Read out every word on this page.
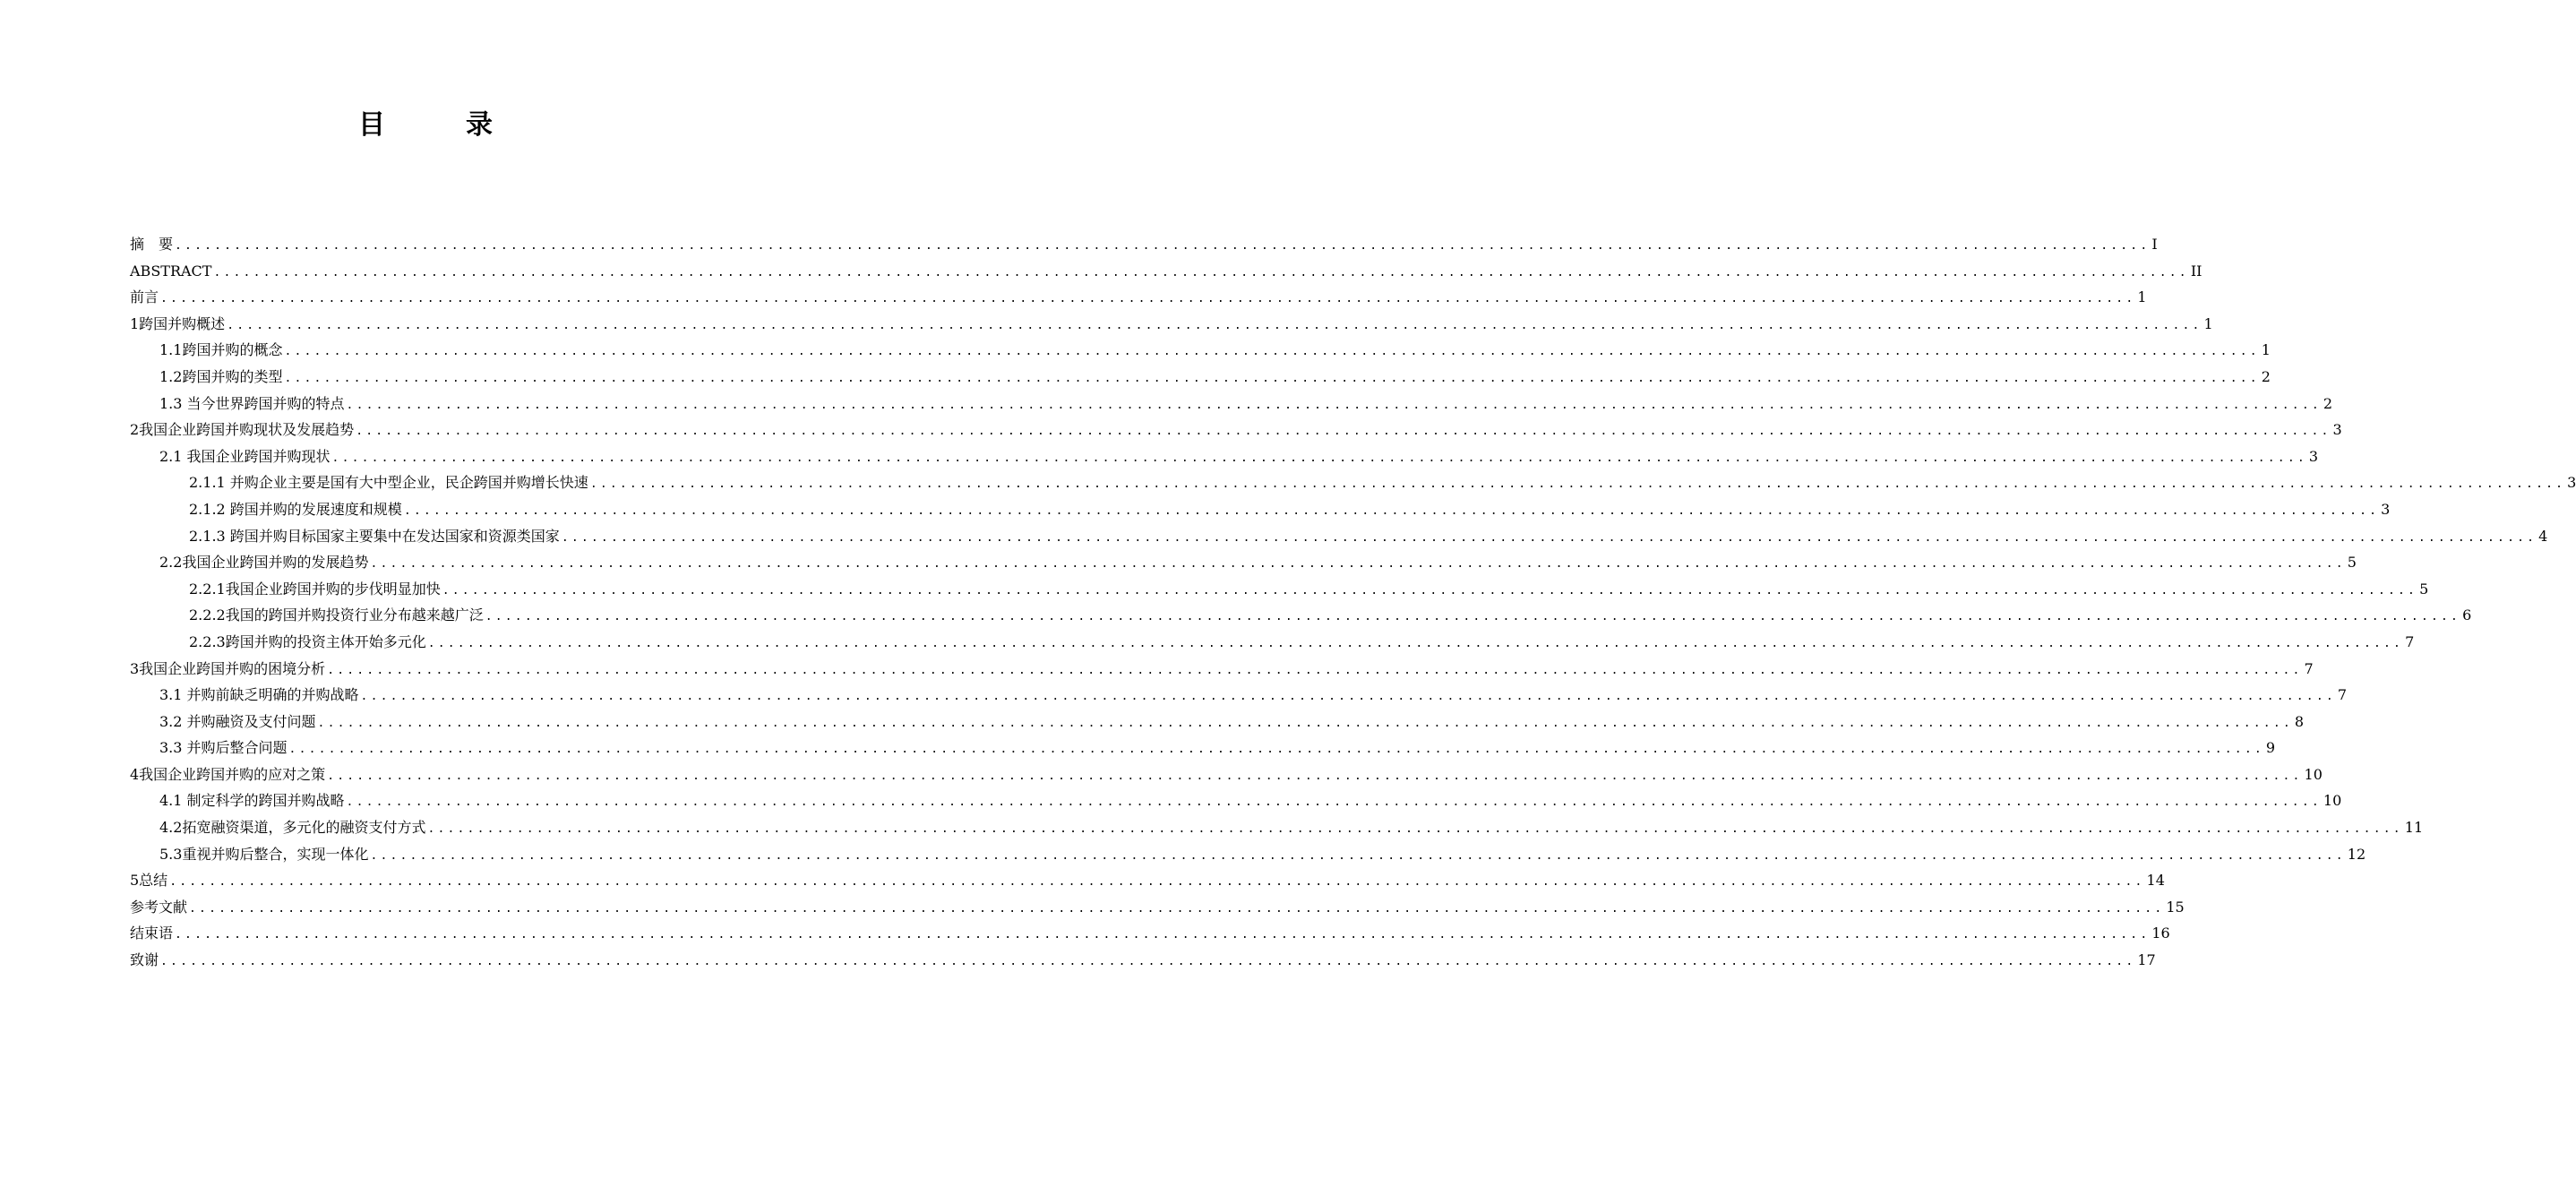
目　录
摘　要 ........................................................................................................................................................................................................ I
ABSTRACT ........................................................................................................................................................................................................ II
前言 ........................................................................................................................................................................................................ 1
1跨国并购概述 ........................................................................................................................................................................................................ 1
1.1跨国并购的概念 ........................................................................................................................................................................................................ 1
1.2跨国并购的类型 ........................................................................................................................................................................................................ 2
1.3 当今世界跨国并购的特点 ........................................................................................................................................................................................................ 2
2我国企业跨国并购现状及发展趋势 ........................................................................................................................................................................................................ 3
2.1 我国企业跨国并购现状 ........................................................................................................................................................................................................ 3
2.1.1 并购企业主要是国有大中型企业，民企跨国并购增长快速 ........................................................................................................................................................................................................ 3
2.1.2 跨国并购的发展速度和规模 ........................................................................................................................................................................................................ 3
2.1.3 跨国并购目标国家主要集中在发达国家和资源类国家 ........................................................................................................................................................................................................ 4
2.2我国企业跨国并购的发展趋势 ........................................................................................................................................................................................................ 5
2.2.1我国企业跨国并购的步伐明显加快 ........................................................................................................................................................................................................ 5
2.2.2我国的跨国并购投资行业分布越来越广泛 ........................................................................................................................................................................................................ 6
2.2.3跨国并购的投资主体开始多元化 ........................................................................................................................................................................................................ 7
3我国企业跨国并购的困境分析 ........................................................................................................................................................................................................ 7
3.1 并购前缺乏明确的并购战略 ........................................................................................................................................................................................................ 7
3.2 并购融资及支付问题 ........................................................................................................................................................................................................ 8
3.3 并购后整合问题 ........................................................................................................................................................................................................ 9
4我国企业跨国并购的应对之策 ........................................................................................................................................................................................................ 10
4.1 制定科学的跨国并购战略 ........................................................................................................................................................................................................ 10
4.2拓宽融资渠道，多元化的融资支付方式 ........................................................................................................................................................................................................ 11
5.3重视并购后整合，实现一体化 ........................................................................................................................................................................................................ 12
5总结 ........................................................................................................................................................................................................ 14
参考文献 ........................................................................................................................................................................................................ 15
结束语 ........................................................................................................................................................................................................ 16
致谢 ........................................................................................................................................................................................................ 17
